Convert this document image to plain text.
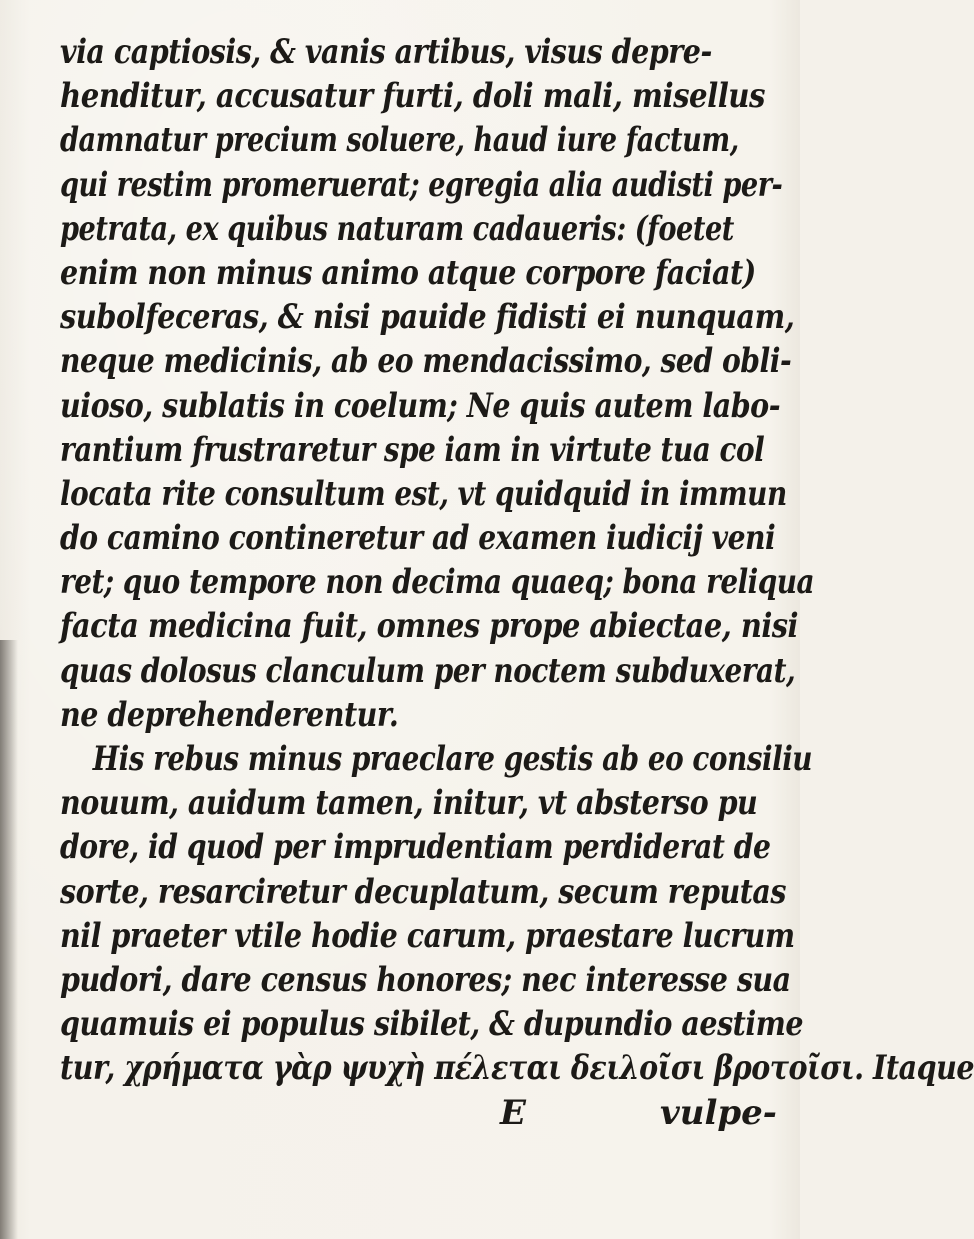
via captiosis, & vanis artibus, visus depre-
henditur, accusatur furti, doli mali, misellus
damnatur precium soluere, haud iure factum,
qui restim promeruerat; egregia alia audisti per-
petrata, ex quibus naturam cadaueris: (foetet
enim non minus animo atque corpore faciat)
subolfeceras, & nisi pauide fidisti ei nunquam,
neque medicinis, ab eo mendacissimo, sed obli-
uioso, sublatis in coelum; Ne quis autem labo-
rantium frustraretur spe iam in virtute tua col
locata rite consultum est, vt quidquid in immun
do camino contineretur ad examen iudicij veni
ret; quo tempore non decima quaeq; bona reliqua
facta medicina fuit, omnes prope abiectae, nisi
quas dolosus clanculum per noctem subduxerat,
ne deprehenderentur.
His rebus minus praeclare gestis ab eo consiliu
nouum, auidum tamen, initur, vt absterso pu
dore, id quod per imprudentiam perdiderat de
sorte, resarciretur decuplatum, secum reputas
nil praeter vtile hodie carum, praestare lucrum
pudori, dare census honores; nec interesse sua
quamuis ei populus sibilet, & dupundio aestime
tur, χρήματα γὰρ ψυχὴ πέλεται δειλοῖσι βροτοῖσι. Itaque
E	vulpe-
